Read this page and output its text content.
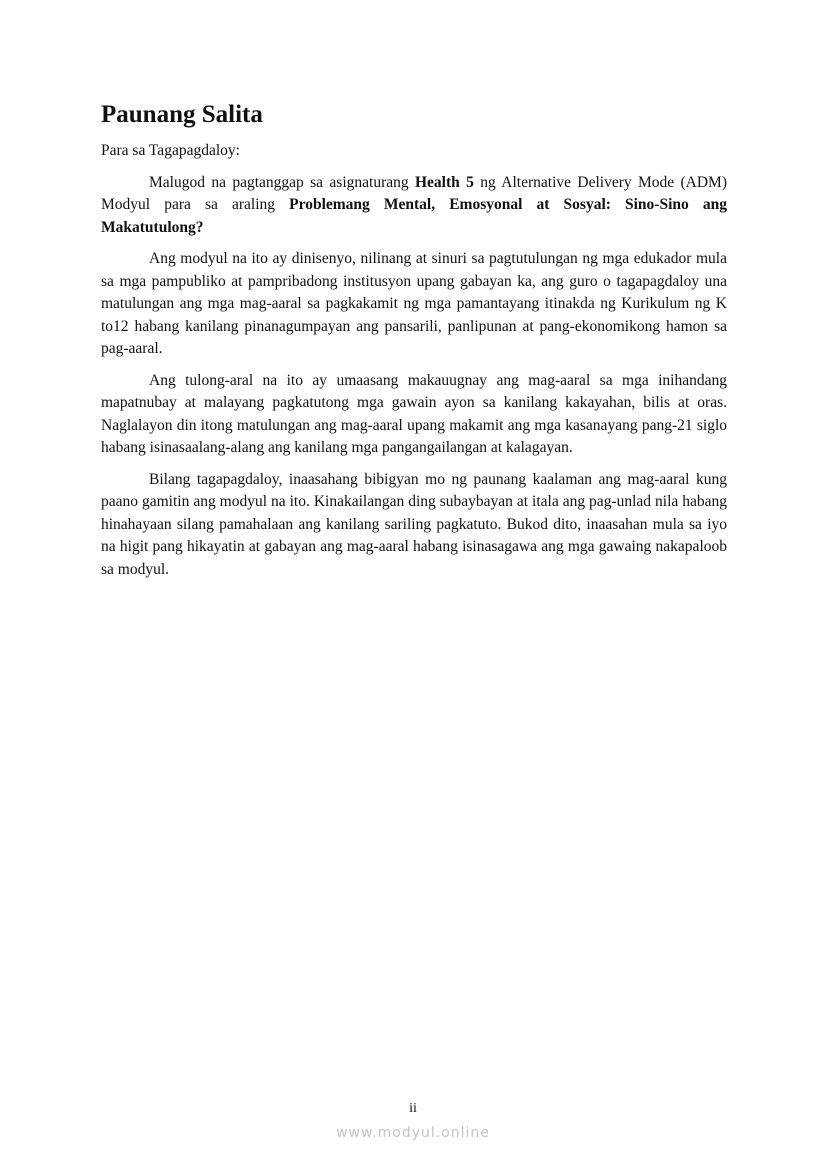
Paunang Salita

Para sa Tagapagdaloy:

Malugod na pagtanggap sa asignaturang Health 5 ng Alternative Delivery Mode (ADM) Modyul para sa araling Problemang Mental, Emosyonal at Sosyal: Sino-Sino ang Makatutulong?

Ang modyul na ito ay dinisenyo, nilinang at sinuri sa pagtutulungan ng mga edukador mula sa mga pampubliko at pampribadong institusyon upang gabayan ka, ang guro o tagapagdaloy una matulungan ang mga mag-aaral sa pagkakamit ng mga pamantayang itinakda ng Kurikulum ng K to12 habang kanilang pinanagumpayan ang pansarili, panlipunan at pang-ekonomikong hamon sa pag-aaral.

Ang tulong-aral na ito ay umaasang makauugnay ang mag-aaral sa mga inihandang mapatnubay at malayang pagkatutong mga gawain ayon sa kanilang kakayahan, bilis at oras. Naglalayon din itong matulungan ang mag-aaral upang makamit ang mga kasanayang pang-21 siglo habang isinasaalang-alang ang kanilang mga pangangailangan at kalagayan.

Bilang tagapagdaloy, inaasahang bibigyan mo ng paunang kaalaman ang mag-aaral kung paano gamitin ang modyul na ito. Kinakailangan ding subaybayan at itala ang pag-unlad nila habang hinahayaan silang pamahalaan ang kanilang sariling pagkatuto. Bukod dito, inaasahan mula sa iyo na higit pang hikayatin at gabayan ang mag-aaral habang isinasagawa ang mga gawaing nakapaloob sa modyul.

ii
www.modyul.online
